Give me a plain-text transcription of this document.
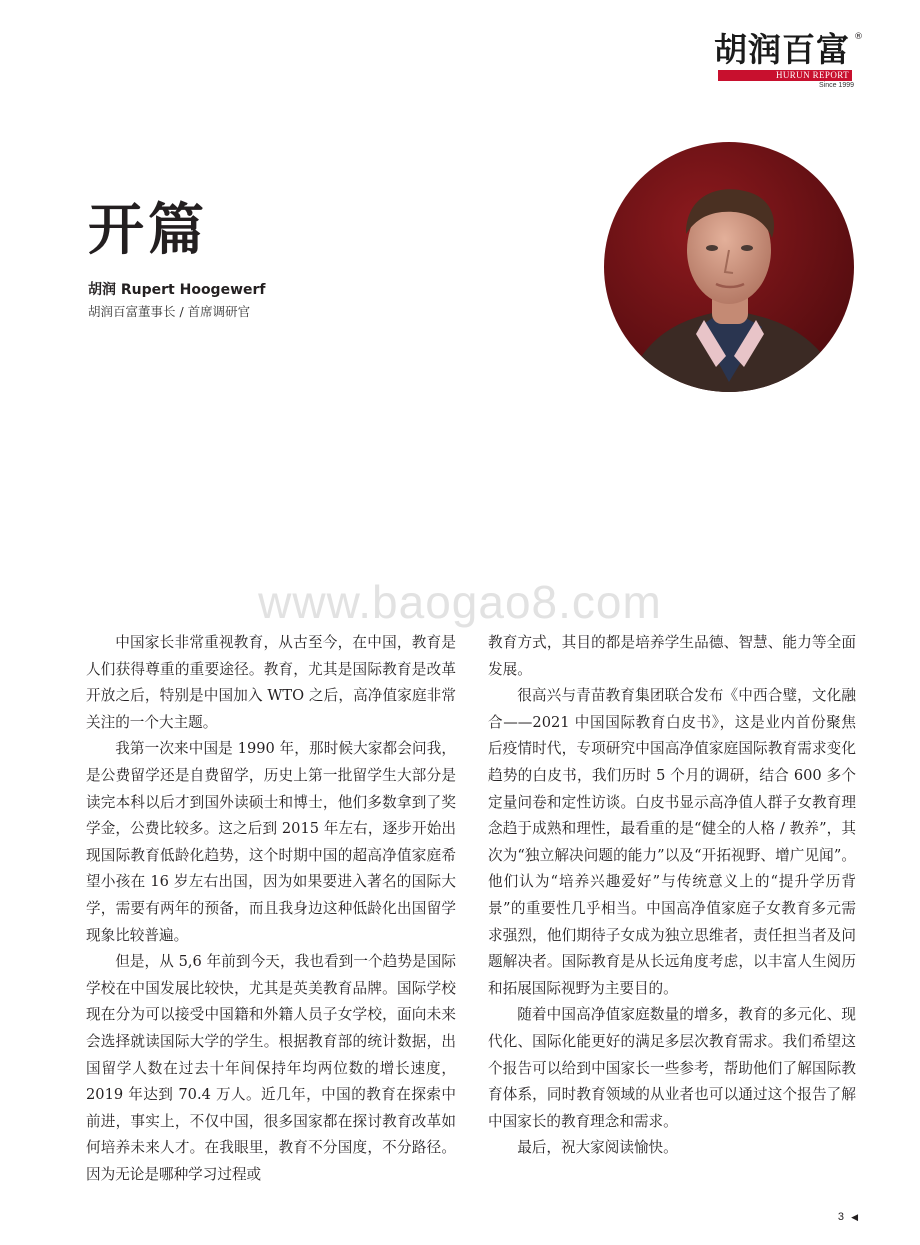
胡润百富 ®
HURUN REPORT
Since 1999
开篇
胡润 Rupert Hoogewerf
胡润百富董事长 / 首席调研官
www.baogao8.com

中国家长非常重视教育，从古至今，在中国，教育是人们获得尊重的重要途径。教育，尤其是国际教育是改革开放之后，特别是中国加入 WTO 之后，高净值家庭非常关注的一个大主题。

我第一次来中国是 1990 年，那时候大家都会问我，是公费留学还是自费留学，历史上第一批留学生大部分是读完本科以后才到国外读硕士和博士，他们多数拿到了奖学金，公费比较多。这之后到 2015 年左右，逐步开始出现国际教育低龄化趋势，这个时期中国的超高净值家庭希望小孩在 16 岁左右出国，因为如果要进入著名的国际大学，需要有两年的预备，而且我身边这种低龄化出国留学现象比较普遍。

但是，从 5,6 年前到今天，我也看到一个趋势是国际学校在中国发展比较快，尤其是英美教育品牌。国际学校现在分为可以接受中国籍和外籍人员子女学校，面向未来会选择就读国际大学的学生。根据教育部的统计数据，出国留学人数在过去十年间保持年均两位数的增长速度，2019 年达到 70.4 万人。近几年，中国的教育在探索中前进，事实上，不仅中国，很多国家都在探讨教育改革如何培养未来人才。在我眼里，教育不分国度，不分路径。因为无论是哪种学习过程或

教育方式，其目的都是培养学生品德、智慧、能力等全面发展。

很高兴与青苗教育集团联合发布《中西合璧，文化融合——2021 中国国际教育白皮书》，这是业内首份聚焦后疫情时代，专项研究中国高净值家庭国际教育需求变化趋势的白皮书，我们历时 5 个月的调研，结合 600 多个定量问卷和定性访谈。白皮书显示高净值人群子女教育理念趋于成熟和理性，最看重的是“健全的人格 / 教养”，其次为“独立解决问题的能力”以及“开拓视野、增广见闻”。他们认为“培养兴趣爱好”与传统意义上的“提升学历背景”的重要性几乎相当。中国高净值家庭子女教育多元需求强烈，他们期待子女成为独立思维者，责任担当者及问题解决者。国际教育是从长远角度考虑，以丰富人生阅历和拓展国际视野为主要目的。

随着中国高净值家庭数量的增多，教育的多元化、现代化、国际化能更好的满足多层次教育需求。我们希望这个报告可以给到中国家长一些参考，帮助他们了解国际教育体系，同时教育领域的从业者也可以通过这个报告了解中国家长的教育理念和需求。

最后，祝大家阅读愉快。

3 ◀
